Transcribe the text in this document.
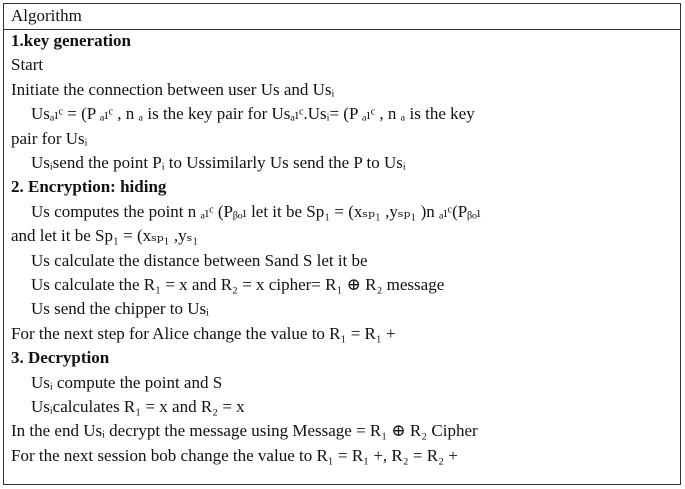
Algorithm
1.key generation
Start
Initiate the connection between user Us and Usᵢ
Usₐₗᶜ = (P ₐₗᶜ , n ₐ is the key pair for Usₐₗᶜ.Usᵢ= (P ₐₗᶜ , n ₐ is the key
pair for Usᵢ
Usᵢsend the point Pᵢ to Ussimilarly Us send the P to Usᵢ
2. Encryption: hiding
Us computes the point n ₐₗᶜ (Pᵦₒₗ let it be Sp₁ = (xₛₚ₁ ,yₛₚ₁ )n ₐₗᶜ(Pᵦₒₗ
and let it be Sp₁ = (xₛₚ₁ ,yₛ₁
Us calculate the distance between Sand S let it be
Us calculate the R₁ = x and R₂ = x cipher= R₁ ⊕ R₂ message
Us send the chipper to Usᵢ
For the next step for Alice change the value to R₁ = R₁ +
3. Decryption
Usᵢ compute the point and S
Usᵢcalculates R₁ = x and R₂ = x
In the end Usᵢ decrypt the message using Message = R₁ ⊕ R₂ Cipher
For the next session bob change the value to R₁ = R₁ +, R₂ = R₂ +
